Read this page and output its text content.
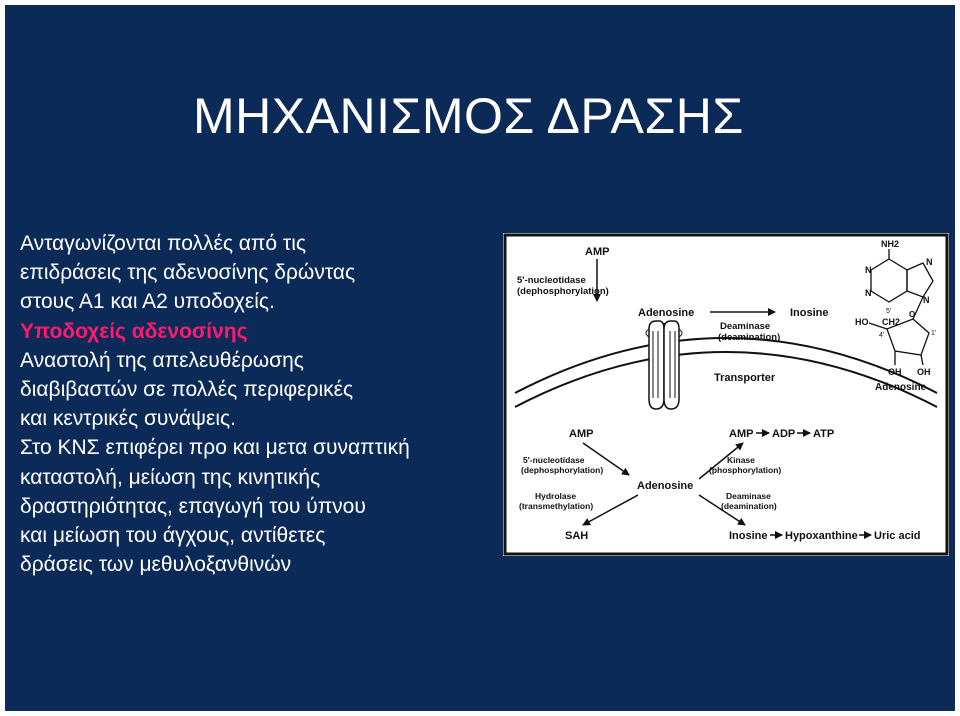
ΜΗΧΑΝΙΣΜΟΣ ΔΡΑΣΗΣ
Ανταγωνίζονται πολλές από τις
επιδράσεις της αδενοσίνης δρώντας
στους Α1 και Α2 υποδοχείς.
Υποδοχείς αδενοσίνης
Αναστολή της απελευθέρωσης
διαβιβαστών σε πολλές περιφερικές
και κεντρικές συνάψεις.
Στο ΚΝΣ επιφέρει προ και μετα συναπτική
καταστολή, μείωση της κινητικής
δραστηριότητας, επαγωγή του ύπνου
και μείωση του άγχους, αντίθετες
δράσεις των μεθυλοξανθινών
AMP
5'-nucleotidase
(dephosphorylation)
Adenosine	Inosine
Deaminase
(deamination)
Transporter
NH2
N
N
N
N
HO CH2
5'
4'	1'
O
OH OH
Adenosine
AMP
5'-nucleotidase
(dephosphorylation)
Adenosine
AMP ADP ATP
Kinase
(phosphorylation)
Hydrolase
(transmethylation)
SAH
Deaminase
(deamination)
Inosine Hypoxanthine Uric acid
